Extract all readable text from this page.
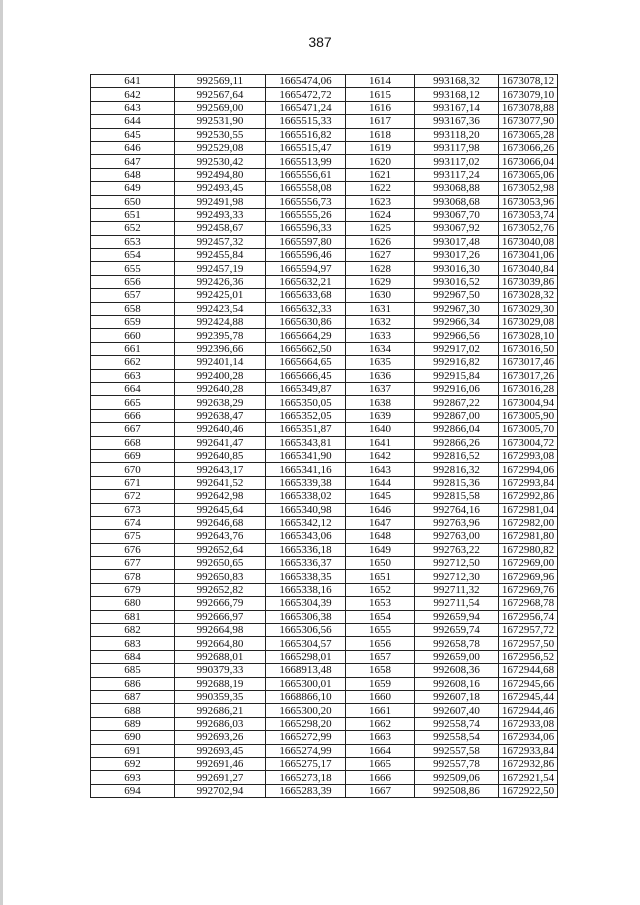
387
641	992569,11	1665474,06	1614	993168,32	1673078,12
642	992567,64	1665472,72	1615	993168,12	1673079,10
643	992569,00	1665471,24	1616	993167,14	1673078,88
644	992531,90	1665515,33	1617	993167,36	1673077,90
645	992530,55	1665516,82	1618	993118,20	1673065,28
646	992529,08	1665515,47	1619	993117,98	1673066,26
647	992530,42	1665513,99	1620	993117,02	1673066,04
648	992494,80	1665556,61	1621	993117,24	1673065,06
649	992493,45	1665558,08	1622	993068,88	1673052,98
650	992491,98	1665556,73	1623	993068,68	1673053,96
651	992493,33	1665555,26	1624	993067,70	1673053,74
652	992458,67	1665596,33	1625	993067,92	1673052,76
653	992457,32	1665597,80	1626	993017,48	1673040,08
654	992455,84	1665596,46	1627	993017,26	1673041,06
655	992457,19	1665594,97	1628	993016,30	1673040,84
656	992426,36	1665632,21	1629	993016,52	1673039,86
657	992425,01	1665633,68	1630	992967,50	1673028,32
658	992423,54	1665632,33	1631	992967,30	1673029,30
659	992424,88	1665630,86	1632	992966,34	1673029,08
660	992395,78	1665664,29	1633	992966,56	1673028,10
661	992396,66	1665662,50	1634	992917,02	1673016,50
662	992401,14	1665664,65	1635	992916,82	1673017,46
663	992400,28	1665666,45	1636	992915,84	1673017,26
664	992640,28	1665349,87	1637	992916,06	1673016,28
665	992638,29	1665350,05	1638	992867,22	1673004,94
666	992638,47	1665352,05	1639	992867,00	1673005,90
667	992640,46	1665351,87	1640	992866,04	1673005,70
668	992641,47	1665343,81	1641	992866,26	1673004,72
669	992640,85	1665341,90	1642	992816,52	1672993,08
670	992643,17	1665341,16	1643	992816,32	1672994,06
671	992641,52	1665339,38	1644	992815,36	1672993,84
672	992642,98	1665338,02	1645	992815,58	1672992,86
673	992645,64	1665340,98	1646	992764,16	1672981,04
674	992646,68	1665342,12	1647	992763,96	1672982,00
675	992643,76	1665343,06	1648	992763,00	1672981,80
676	992652,64	1665336,18	1649	992763,22	1672980,82
677	992650,65	1665336,37	1650	992712,50	1672969,00
678	992650,83	1665338,35	1651	992712,30	1672969,96
679	992652,82	1665338,16	1652	992711,32	1672969,76
680	992666,79	1665304,39	1653	992711,54	1672968,78
681	992666,97	1665306,38	1654	992659,94	1672956,74
682	992664,98	1665306,56	1655	992659,74	1672957,72
683	992664,80	1665304,57	1656	992658,78	1672957,50
684	992688,01	1665298,01	1657	992659,00	1672956,52
685	990379,33	1668913,48	1658	992608,36	1672944,68
686	992688,19	1665300,01	1659	992608,16	1672945,66
687	990359,35	1668866,10	1660	992607,18	1672945,44
688	992686,21	1665300,20	1661	992607,40	1672944,46
689	992686,03	1665298,20	1662	992558,74	1672933,08
690	992693,26	1665272,99	1663	992558,54	1672934,06
691	992693,45	1665274,99	1664	992557,58	1672933,84
692	992691,46	1665275,17	1665	992557,78	1672932,86
693	992691,27	1665273,18	1666	992509,06	1672921,54
694	992702,94	1665283,39	1667	992508,86	1672922,50
